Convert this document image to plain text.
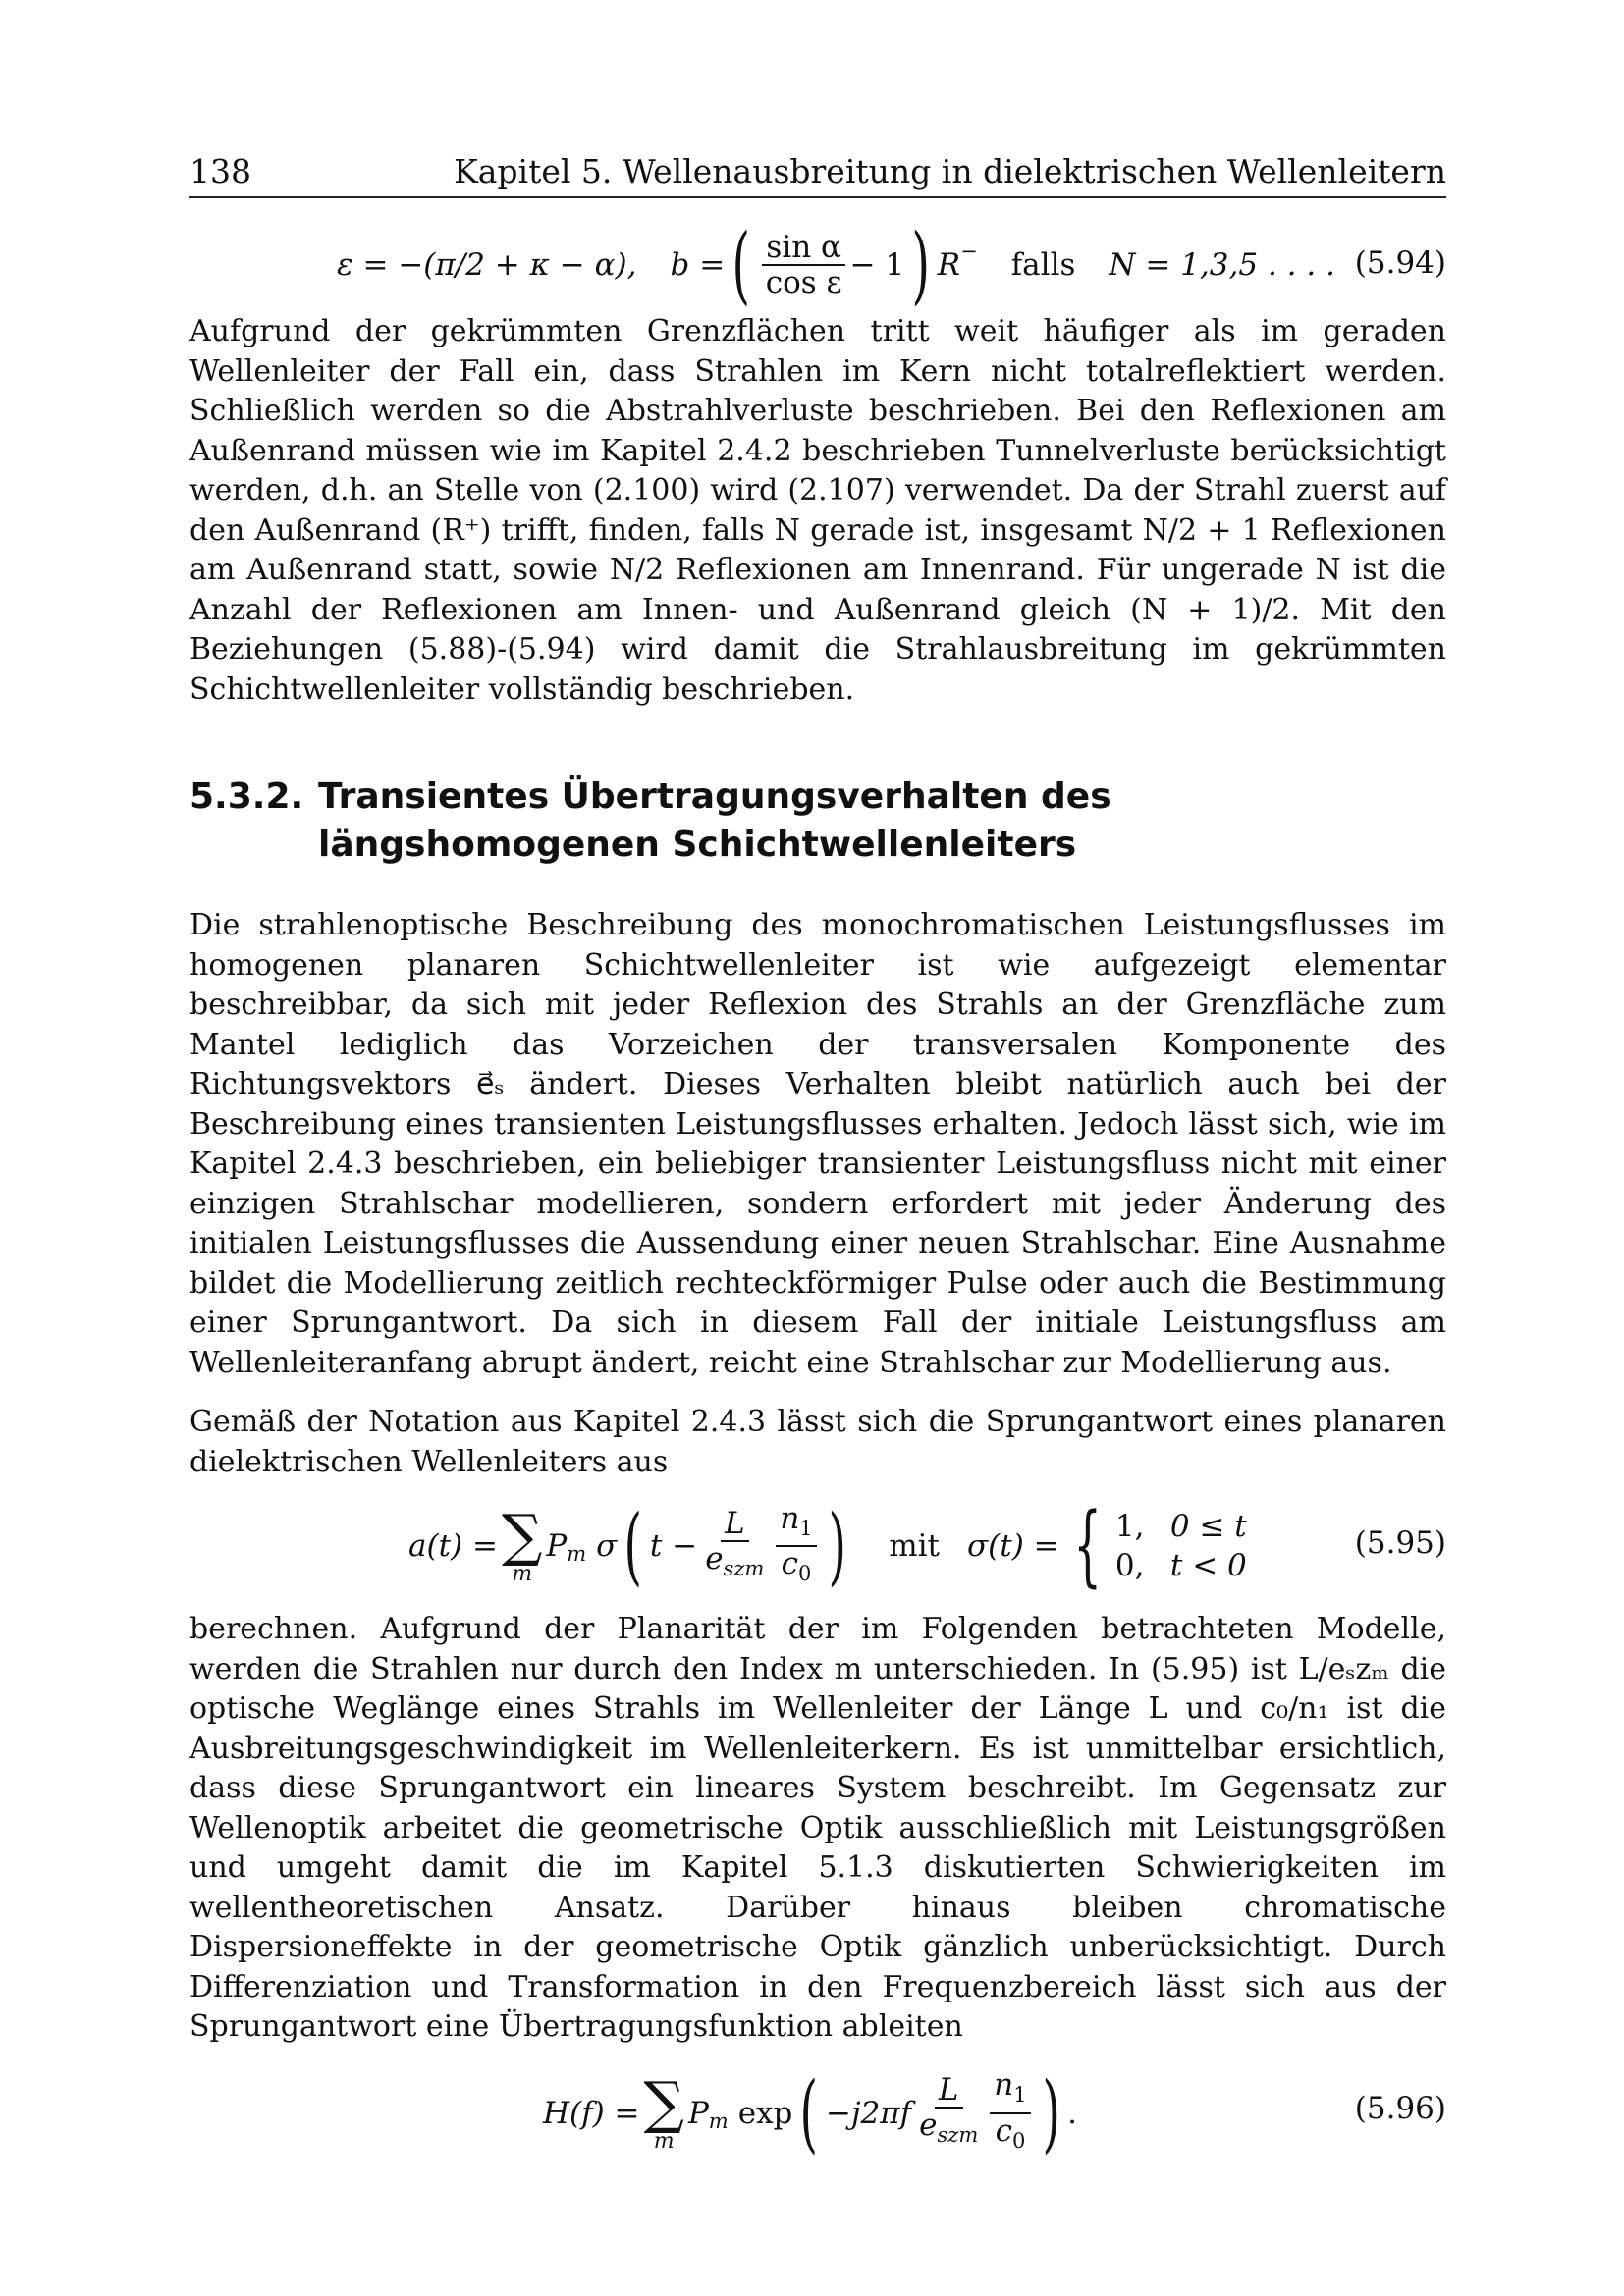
138	Kapitel 5. Wellenausbreitung in dielektrischen Wellenleitern
ε = −(π/2 + κ − α), b = ( $\frac{\text{sin α}}{\text{cos ε}} - 1$ ) R− falls N = 1,3,5 . . . . (5.94)

Aufgrund der gekrümmten Grenzflächen tritt weit häufiger als im geraden Wellenleiter der Fall ein, dass Strahlen im Kern nicht totalreflektiert werden. Schließlich werden so die Abstrahlverluste beschrieben. Bei den Reflexionen am Außenrand müssen wie im Kapitel 2.4.2 beschrieben Tunnelverluste berücksichtigt werden, d.h. an Stelle von (2.100) wird (2.107) verwendet. Da der Strahl zuerst auf den Außenrand (R⁺) trifft, finden, falls N gerade ist, insgesamt N/2 + 1 Reflexionen am Außenrand statt, sowie N/2 Reflexionen am Innenrand. Für ungerade N ist die Anzahl der Reflexionen am Innen- und Außenrand gleich (N + 1)/2. Mit den Beziehungen (5.88)-(5.94) wird damit die Strahlausbreitung im gekrümmten Schichtwellenleiter vollständig beschrieben.

5.3.2. Transientes Übertragungsverhalten des längshomogenen Schichtwellenleiters

Die strahlenoptische Beschreibung des monochromatischen Leistungsflusses im homogenen planaren Schichtwellenleiter ist wie aufgezeigt elementar beschreibbar, da sich mit jeder Reflexion des Strahls an der Grenzfläche zum Mantel lediglich das Vorzeichen der transversalen Komponente des Richtungsvektors e⃗ₛ ändert. Dieses Verhalten bleibt natürlich auch bei der Beschreibung eines transienten Leistungsflusses erhalten. Jedoch lässt sich, wie im Kapitel 2.4.3 beschrieben, ein beliebiger transienter Leistungsfluss nicht mit einer einzigen Strahlschar modellieren, sondern erfordert mit jeder Änderung des initialen Leistungsflusses die Aussendung einer neuen Strahlschar. Eine Ausnahme bildet die Modellierung zeitlich rechteckförmiger Pulse oder auch die Bestimmung einer Sprungantwort. Da sich in diesem Fall der initiale Leistungsfluss am Wellenleiteranfang abrupt ändert, reicht eine Strahlschar zur Modellierung aus.

Gemäß der Notation aus Kapitel 2.4.3 lässt sich die Sprungantwort eines planaren dielektrischen Wellenleiters aus

a(t) = ∑
m
$P_m$ σ ( $t - \frac{L}{e_{szm}} \frac{n_1}{c_0}$ ) mit σ(t) = { 1, 0 ≤ t
0, t < 0
(5.95)

berechnen. Aufgrund der Planarität der im Folgenden betrachteten Modelle, werden die Strahlen nur durch den Index m unterschieden. In (5.95) ist L/eₛzₘ die optische Weglänge eines Strahls im Wellenleiter der Länge L und c₀/n₁ ist die Ausbreitungsgeschwindigkeit im Wellenleiterkern. Es ist unmittelbar ersichtlich, dass diese Sprungantwort ein lineares System beschreibt. Im Gegensatz zur Wellenoptik arbeitet die geometrische Optik ausschließlich mit Leistungsgrößen und umgeht damit die im Kapitel 5.1.3 diskutierten Schwierigkeiten im wellentheoretischen Ansatz. Darüber hinaus bleiben chromatische Dispersioneffekte in der geometrische Optik gänzlich unberücksichtigt. Durch Differenziation und Transformation in den Frequenzbereich lässt sich aus der Sprungantwort eine Übertragungsfunktion ableiten

H(f) = ∑
m
$P_m$ exp ( $-j2\pi f \frac{L}{e_{szm}} \frac{n_1}{c_0}$ ) .	(5.96)
